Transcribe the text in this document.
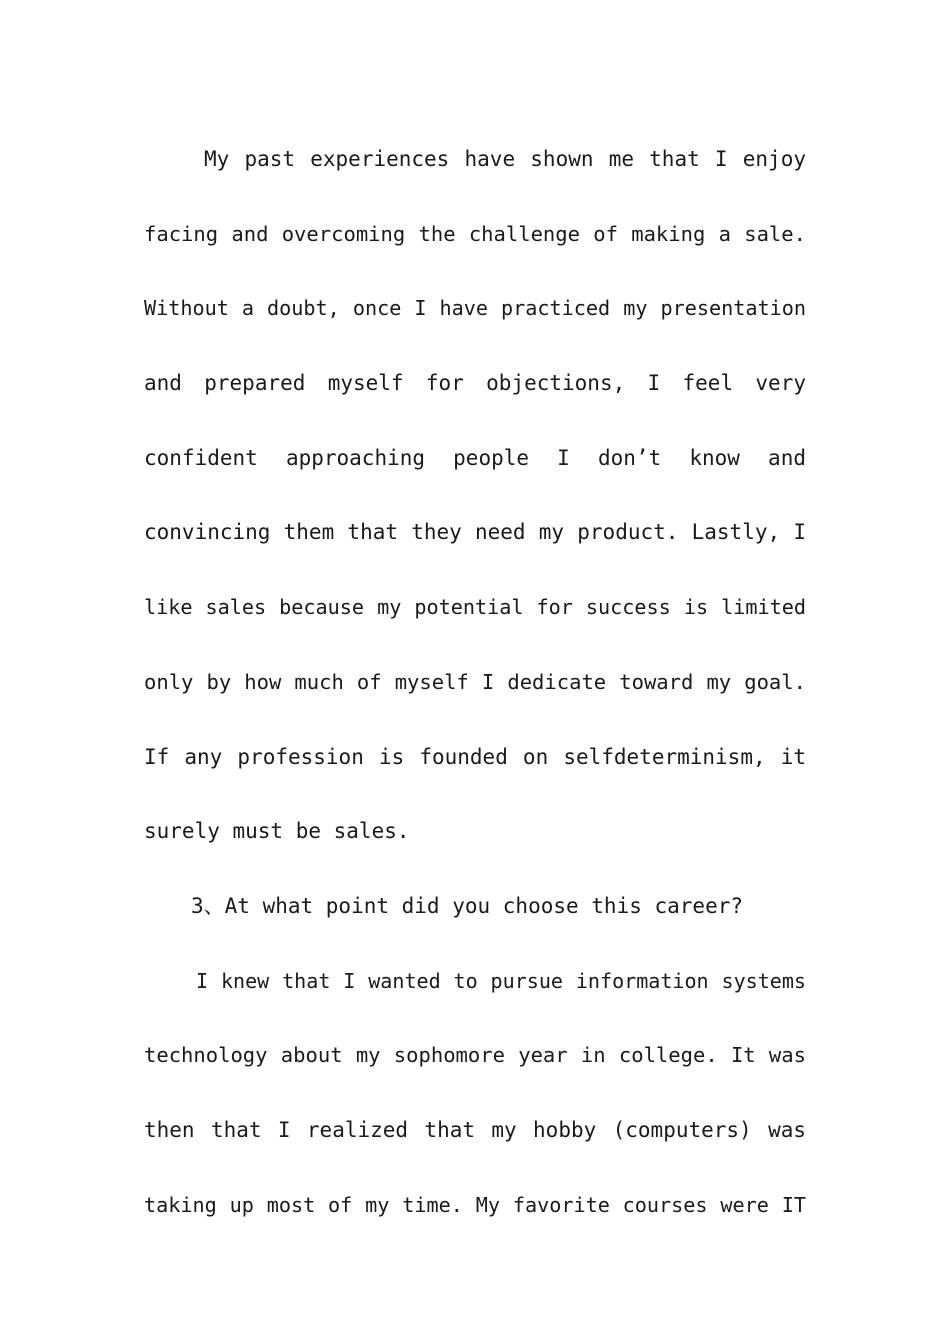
My past experiences have shown me that I enjoy
facing and overcoming the challenge of making a sale.
Without a doubt, once I have practiced my presentation
and prepared myself for objections, I feel very
confident approaching people I don’t know and
convincing them that they need my product. Lastly, I
like sales because my potential for success is limited
only by how much of myself I dedicate toward my goal.
If any profession is founded on selfdeterminism, it
surely must be sales.
3、At what point did you choose this career?
I knew that I wanted to pursue information systems
technology about my sophomore year in college. It was
then that I realized that my hobby (computers) was
taking up most of my time. My favorite courses were IT
